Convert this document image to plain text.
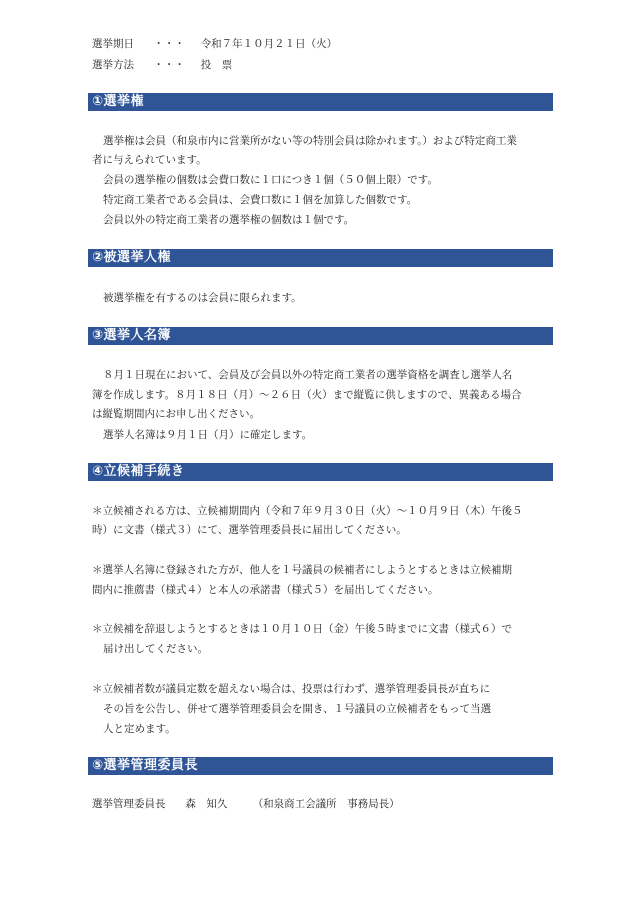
選挙期日 ・・・ 令和７年１０月２１日（火）
選挙方法 ・・・ 投　票
①選挙権
選挙権は会員（和泉市内に営業所がない等の特別会員は除かれます。）および特定商工業
者に与えられています。
会員の選挙権の個数は会費口数に１口につき１個（５０個上限）です。
特定商工業者である会員は、会費口数に１個を加算した個数です。
会員以外の特定商工業者の選挙権の個数は１個です。
②被選挙人権
被選挙権を有するのは会員に限られます。
③選挙人名簿
８月１日現在において、会員及び会員以外の特定商工業者の選挙資格を調査し選挙人名
簿を作成します。８月１８日（月）～２６日（火）まで縦覧に供しますので、異義ある場合
は縦覧期間内にお申し出ください。
選挙人名簿は９月１日（月）に確定します。
④立候補手続き
＊立候補される方は、立候補期間内（令和７年９月３０日（火）～１０月９日（木）午後５
時）に文書（様式３）にて、選挙管理委員長に届出してください。
＊選挙人名簿に登録された方が、他人を１号議員の候補者にしようとするときは立候補期
間内に推薦書（様式４）と本人の承諾書（様式５）を届出してください。
＊立候補を辞退しようとするときは１０月１０日（金）午後５時までに文書（様式６）で
届け出してください。
＊立候補者数が議員定数を超えない場合は、投票は行わず、選挙管理委員長が直ちに
その旨を公告し、併せて選挙管理委員会を開き、１号議員の立候補者をもって当選
人と定めます。
⑤選挙管理委員長
選挙管理委員長 森　知久 （和泉商工会議所　事務局長）
